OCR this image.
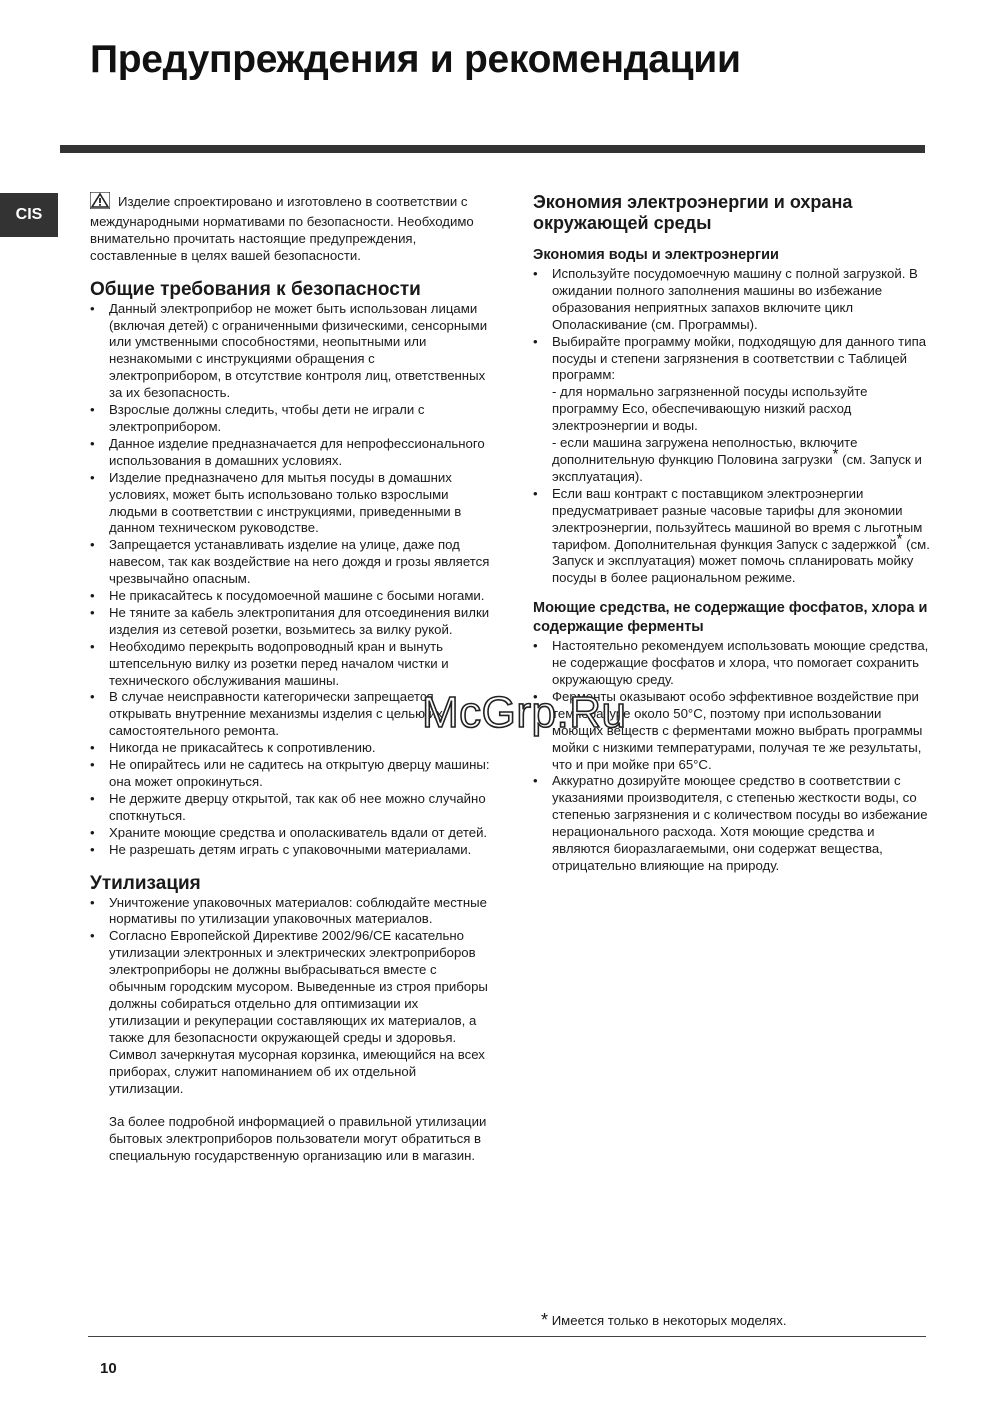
Предупреждения и рекомендации
CIS

Изделие спроектировано и изготовлено в соответствии с международными нормативами по безопасности. Необходимо внимательно прочитать настоящие предупреждения, составленные в целях вашей безопасности.

Общие требования к безопасности
• Данный электроприбор не может быть использован лицами (включая детей) с ограниченными физическими, сенсорными или умственными способностями, неопытными или незнакомыми с инструкциями обращения с электроприбором, в отсутствие контроля лиц, ответственных за их безопасность.
• Взрослые должны следить, чтобы дети не играли с электроприбором.
• Данное изделие предназначается для непрофессионального использования в домашних условиях.
• Изделие предназначено для мытья посуды в домашних условиях, может быть использовано только взрослыми людьми в соответствии с инструкциями, приведенными в данном техническом руководстве.
• Запрещается устанавливать изделие на улице, даже под навесом, так как воздействие на него дождя и грозы является чрезвычайно опасным.
• Не прикасайтесь к посудомоечной машине с босыми ногами.
• Не тяните за кабель электропитания для отсоединения вилки изделия из сетевой розетки, возьмитесь за вилку рукой.
• Необходимо перекрыть водопроводный кран и вынуть штепсельную вилку из розетки перед началом чистки и технического обслуживания машины.
• В случае неисправности категорически запрещается открывать внутренние механизмы изделия с целью их самостоятельного ремонта.
• Никогда не прикасайтесь к сопротивлению.
• Не опирайтесь или не садитесь на открытую дверцу машины: она может опрокинуться.
• Не держите дверцу открытой, так как об нее можно случайно споткнуться.
• Храните моющие средства и ополаскиватель вдали от детей.
• Не разрешать детям играть с упаковочными материалами.
Утилизация
• Уничтожение упаковочных материалов: соблюдайте местные нормативы по утилизации упаковочных материалов.
• Согласно Европейской Директиве 2002/96/CE касательно утилизации электронных и электрических электроприборов электроприборы не должны выбрасываться вместе с обычным городским мусором. Выведенные из строя приборы должны собираться отдельно для оптимизации их утилизации и рекуперации составляющих их материалов, а также для безопасности окружающей среды и здоровья. Символ зачеркнутая мусорная корзинка, имеющийся на всех приборах, служит напоминанием об их отдельной утилизации.

За более подробной информацией о правильной утилизации бытовых электроприборов пользователи могут обратиться в специальную государственную организацию или в магазин.

Экономия электроэнергии и охрана окружающей среды
Экономия воды и электроэнергии
• Используйте посудомоечную машину с полной загрузкой. В ожидании полного заполнения машины во избежание образования неприятных запахов включите цикл Ополаскивание (см. Программы).
• Выбирайте программу мойки, подходящую для данного типа посуды и степени загрязнения в соответствии с Таблицей программ:
- для нормально загрязненной посуды используйте программу Eco, обеспечивающую низкий расход электроэнергии и воды.
- если машина загружена неполностью, включите дополнительную функцию Половина загрузки* (см. Запуск и эксплуатация).
• Если ваш контракт с поставщиком электроэнергии предусматривает разные часовые тарифы для экономии электроэнергии, пользуйтесь машиной во время с льготным тарифом. Дополнительная функция Запуск с задержкой* (см. Запуск и эксплуатация) может помочь спланировать мойку посуды в более рациональном режиме.
Моющие средства, не содержащие фосфатов, хлора и содержащие ферменты
• Настоятельно рекомендуем использовать моющие средства, не содержащие фосфатов и хлора, что помогает сохранить окружающую среду.
• Ферменты оказывают особо эффективное воздействие при температуре около 50°C, поэтому при использовании моющих веществ с ферментами можно выбрать программы мойки с низкими температурами, получая те же результаты, что и при мойке при 65°C.
• Аккуратно дозируйте моющее средство в соответствии с указаниями производителя, с степенью жесткости воды, со степенью загрязнения и с количеством посуды во избежание нерационального расхода. Хотя моющие средства и являются биоразлагаемыми, они содержат вещества, отрицательно влияющие на природу.
McGrp.Ru
* Имеется только в некоторых моделях.
10
